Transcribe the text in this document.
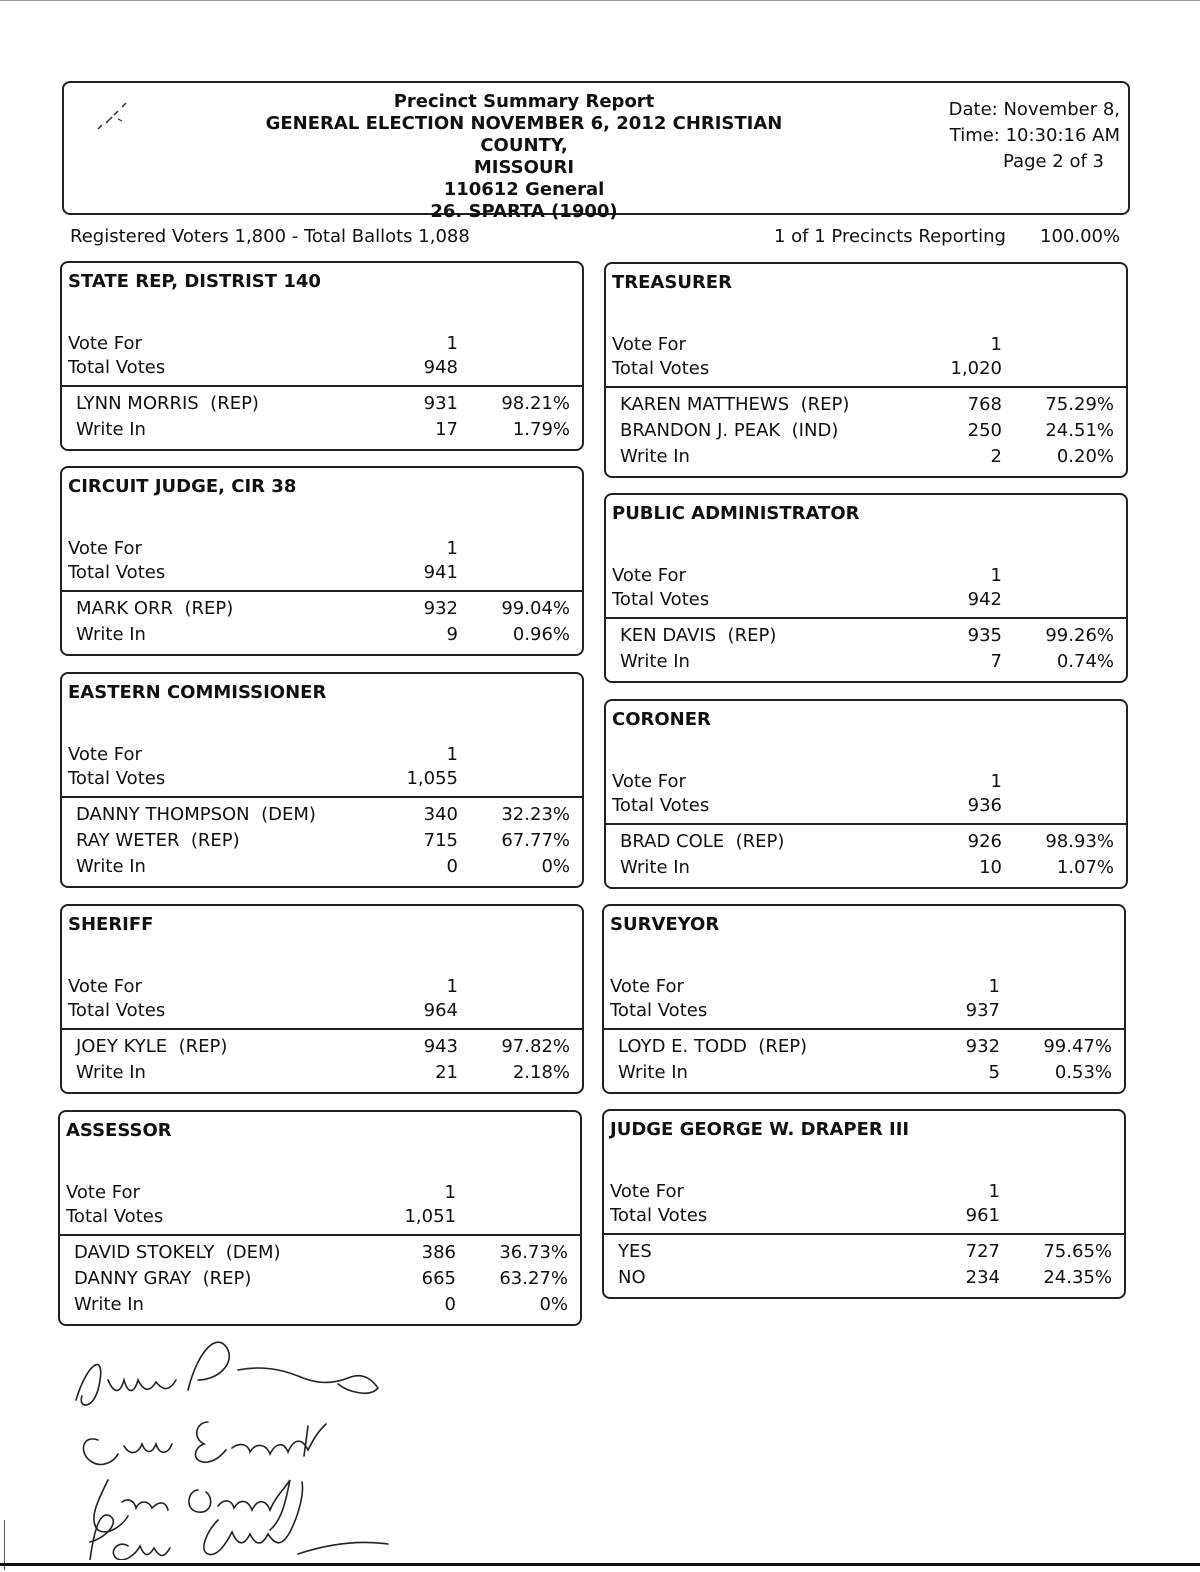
Precinct Summary Report
GENERAL ELECTION NOVEMBER 6, 2012 CHRISTIAN COUNTY,
MISSOURI
110612 General
26. SPARTA (1900)
Date: November 8,
Time: 10:30:16 AM
Page 2 of 3
Registered Voters 1,800 - Total Ballots 1,088	1 of 1 Precincts Reporting 100.00%
STATE REP, DISTRIST 140
Vote For	1
Total Votes	948
LYNN MORRIS  (REP)	931	98.21%
Write In	17	1.79%
CIRCUIT JUDGE, CIR 38
Vote For	1
Total Votes	941
MARK ORR  (REP)	932	99.04%
Write In	9	0.96%
EASTERN COMMISSIONER
Vote For	1
Total Votes	1,055
DANNY THOMPSON  (DEM)	340	32.23%
RAY WETER  (REP)	715	67.77%
Write In	0	0%
SHERIFF
Vote For	1
Total Votes	964
JOEY KYLE  (REP)	943	97.82%
Write In	21	2.18%
ASSESSOR
Vote For	1
Total Votes	1,051
DAVID STOKELY  (DEM)	386	36.73%
DANNY GRAY  (REP)	665	63.27%
Write In	0	0%
TREASURER
Vote For	1
Total Votes	1,020
KAREN MATTHEWS  (REP)	768	75.29%
BRANDON J. PEAK  (IND)	250	24.51%
Write In	2	0.20%
PUBLIC ADMINISTRATOR
Vote For	1
Total Votes	942
KEN DAVIS  (REP)	935	99.26%
Write In	7	0.74%
CORONER
Vote For	1
Total Votes	936
BRAD COLE  (REP)	926	98.93%
Write In	10	1.07%
SURVEYOR
Vote For	1
Total Votes	937
LOYD E. TODD  (REP)	932	99.47%
Write In	5	0.53%
JUDGE GEORGE W. DRAPER III
Vote For	1
Total Votes	961
YES	727	75.65%
NO	234	24.35%
